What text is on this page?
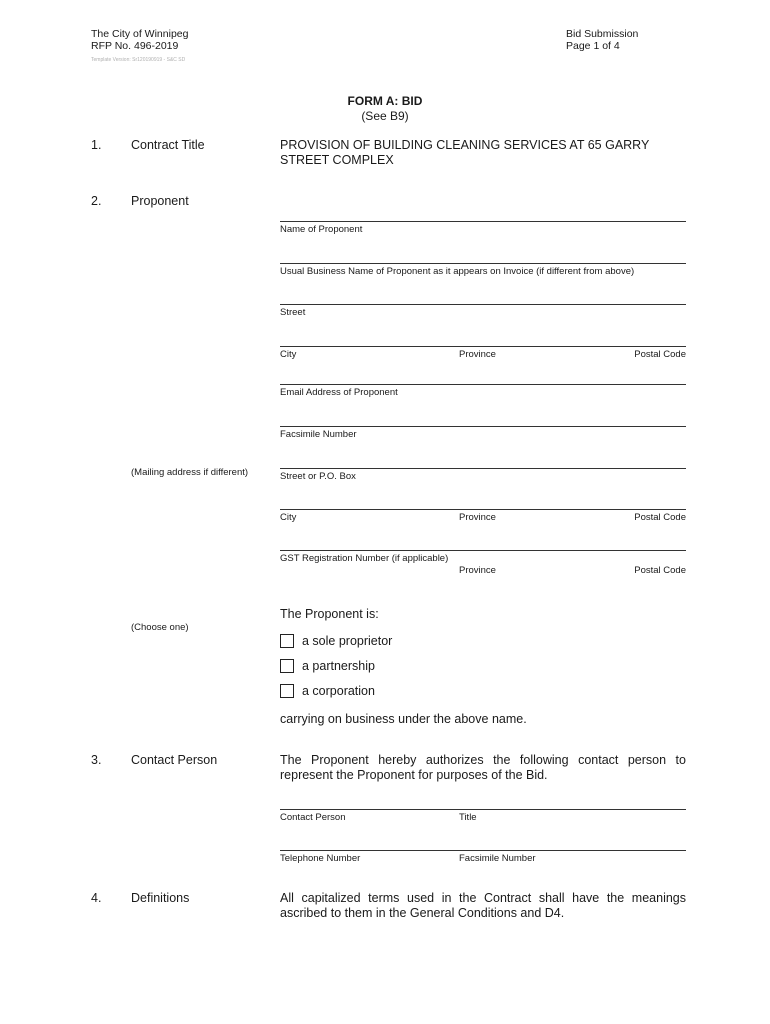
The City of Winnipeg
RFP No. 496-2019
Template Version: Sr120190919 - S&C SD
Bid Submission
Page 1 of 4
FORM A: BID
(See B9)
1. Contract Title	PROVISION OF BUILDING CLEANING SERVICES AT 65 GARRY
STREET COMPLEX
2. Proponent
Name of Proponent
Usual Business Name of Proponent as it appears on Invoice (if different from above)
Street
City	Province	Postal Code
Email Address of Proponent
Facsimile Number
(Mailing address if different)	Street or P.O. Box
City	Province	Postal Code
GST Registration Number (if applicable)
Province	Postal Code
The Proponent is:
(Choose one)
a sole proprietor
a partnership
a corporation
carrying on business under the above name.
3. Contact Person	The Proponent hereby authorizes the following contact person to
represent the Proponent for purposes of the Bid.
Contact Person	Title
Telephone Number	Facsimile Number
4. Definitions	All capitalized terms used in the Contract shall have the meanings
ascribed to them in the General Conditions and D4.
